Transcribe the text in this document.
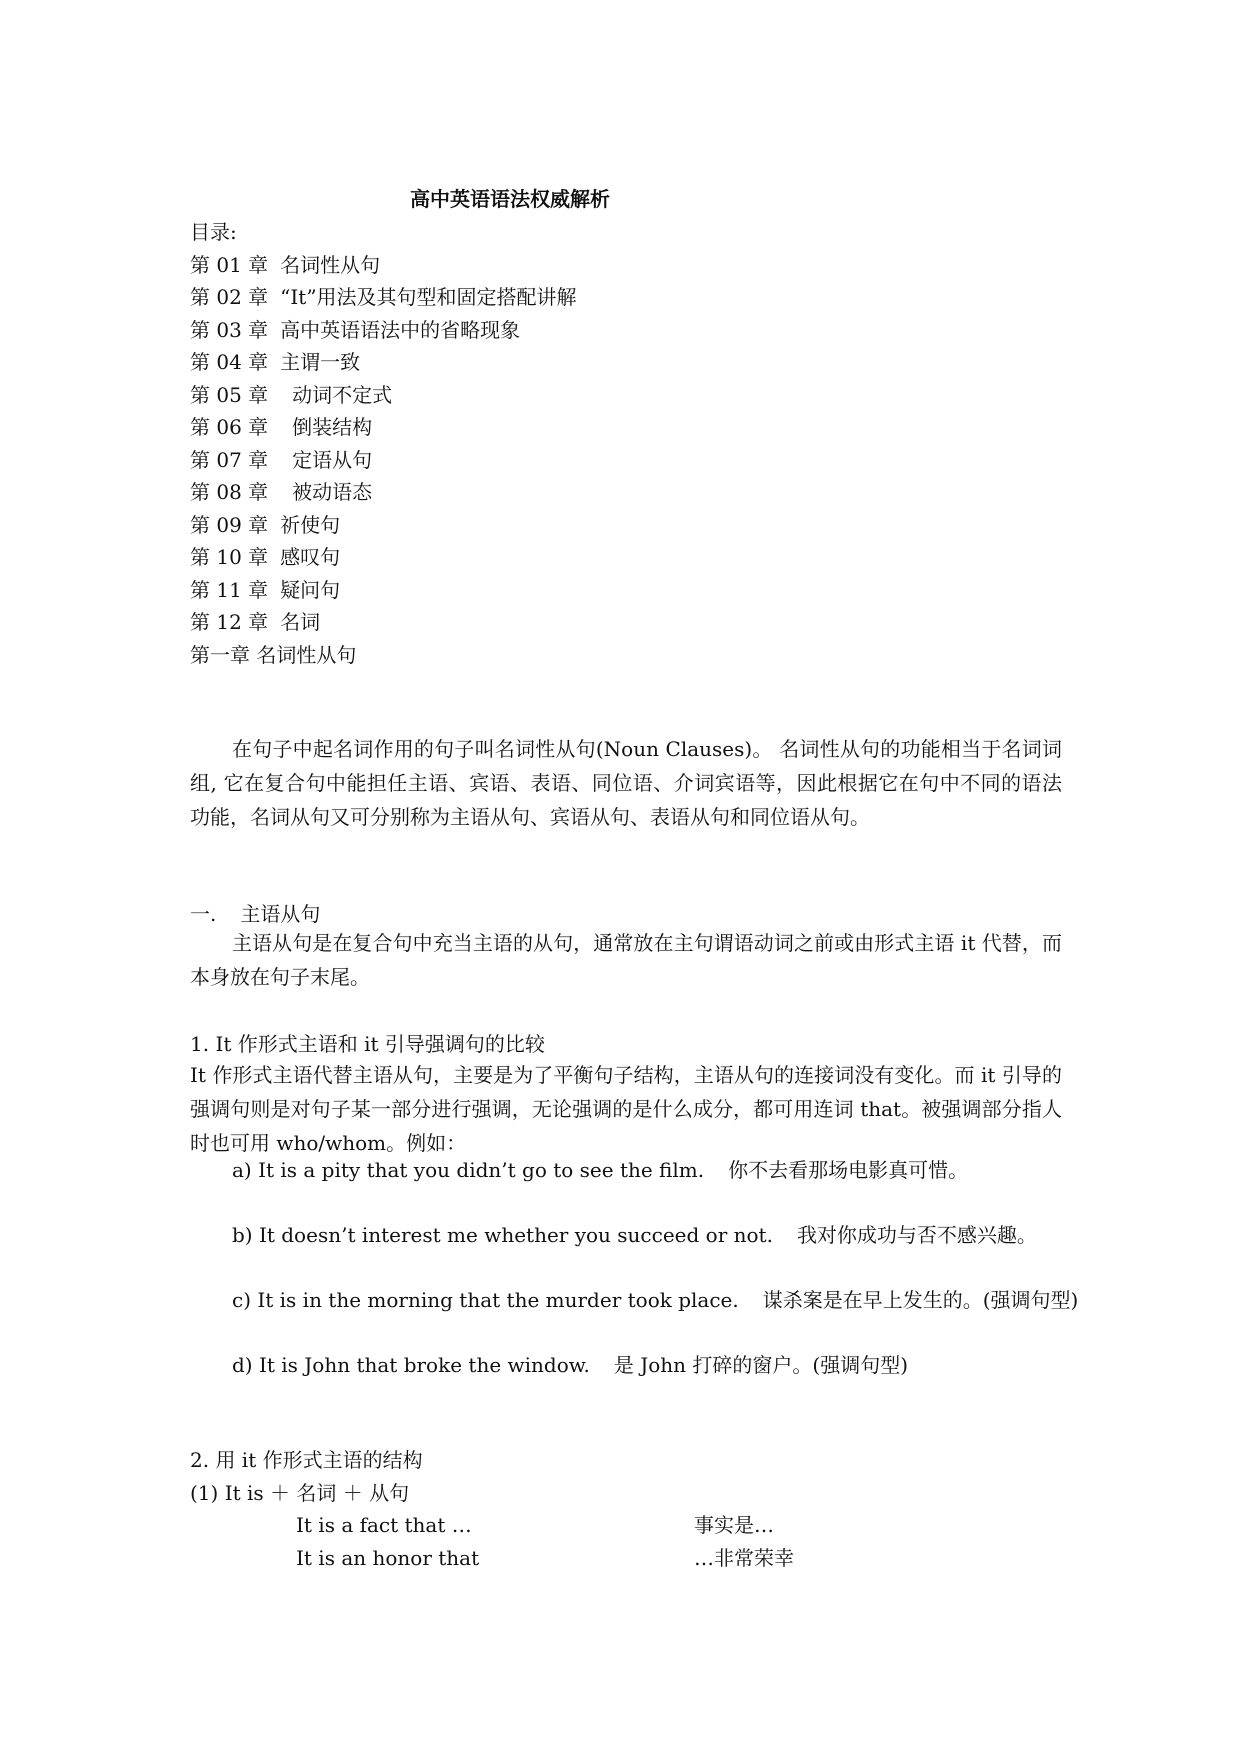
高中英语语法权威解析
目录:
第 01 章 名词性从句
第 02 章 “It”用法及其句型和固定搭配讲解
第 03 章 高中英语语法中的省略现象
第 04 章 主谓一致
第 05 章 动词不定式
第 06 章 倒装结构
第 07 章 定语从句
第 08 章 被动语态
第 09 章 祈使句
第 10 章 感叹句
第 11 章 疑问句
第 12 章 名词
第一章 名词性从句
在句子中起名词作用的句子叫名词性从句(Noun Clauses)。 名词性从句的功能相当于名词词组, 它在复合句中能担任主语、宾语、表语、同位语、介词宾语等，因此根据它在句中不同的语法功能，名词从句又可分别称为主语从句、宾语从句、表语从句和同位语从句。
一. 主语从句
主语从句是在复合句中充当主语的从句，通常放在主句谓语动词之前或由形式主语 it 代替，而本身放在句子末尾。
1. It 作形式主语和 it 引导强调句的比较
It 作形式主语代替主语从句，主要是为了平衡句子结构，主语从句的连接词没有变化。而 it 引导的强调句则是对句子某一部分进行强调，无论强调的是什么成分，都可用连词 that。被强调部分指人时也可用 who/whom。例如：
a) It is a pity that you didn’t go to see the film. 你不去看那场电影真可惜。
b) It doesn’t interest me whether you succeed or not. 我对你成功与否不感兴趣。
c) It is in the morning that the murder took place. 谋杀案是在早上发生的。(强调句型)
d) It is John that broke the window. 是 John 打碎的窗户。(强调句型)
2. 用 it 作形式主语的结构
(1) It is ＋ 名词 ＋ 从句
It is a fact that …	事实是…
It is an honor that	…非常荣幸
